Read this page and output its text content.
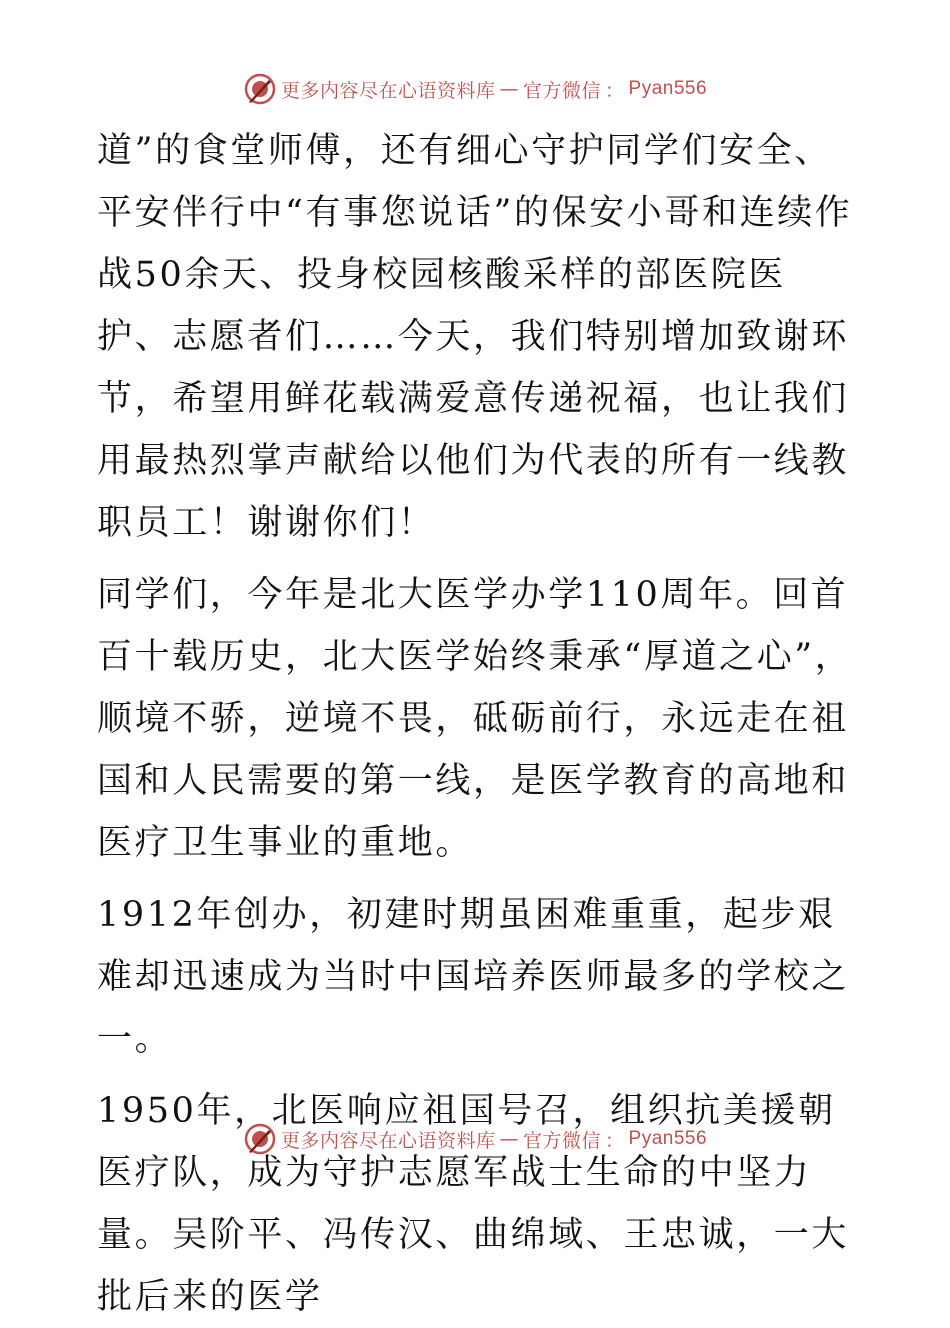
更多内容尽在心语资料库 — 官方微信 ： Pyan556

道”的食堂师傅，还有细心守护同学们安全、平安伴行中“有事您说话”的保安小哥和连续作战50余天、投身校园核酸采样的部医院医护、志愿者们……今天，我们特别增加致谢环节，希望用鲜花载满爱意传递祝福，也让我们用最热烈掌声献给以他们为代表的所有一线教职员工！谢谢你们！

同学们，今年是北大医学办学110周年。回首百十载历史，北大医学始终秉承“厚道之心”，顺境不骄，逆境不畏，砥砺前行，永远走在祖国和人民需要的第一线，是医学教育的高地和医疗卫生事业的重地。

1912年创办，初建时期虽困难重重，起步艰难却迅速成为当时中国培养医师最多的学校之一。

1950年，北医响应祖国号召，组织抗美援朝医疗队，成为守护志愿军战士生命的中坚力量。吴阶平、冯传汉、曲绵域、王忠诚，一大批后来的医学

更多内容尽在心语资料库 — 官方微信 ： Pyan556
